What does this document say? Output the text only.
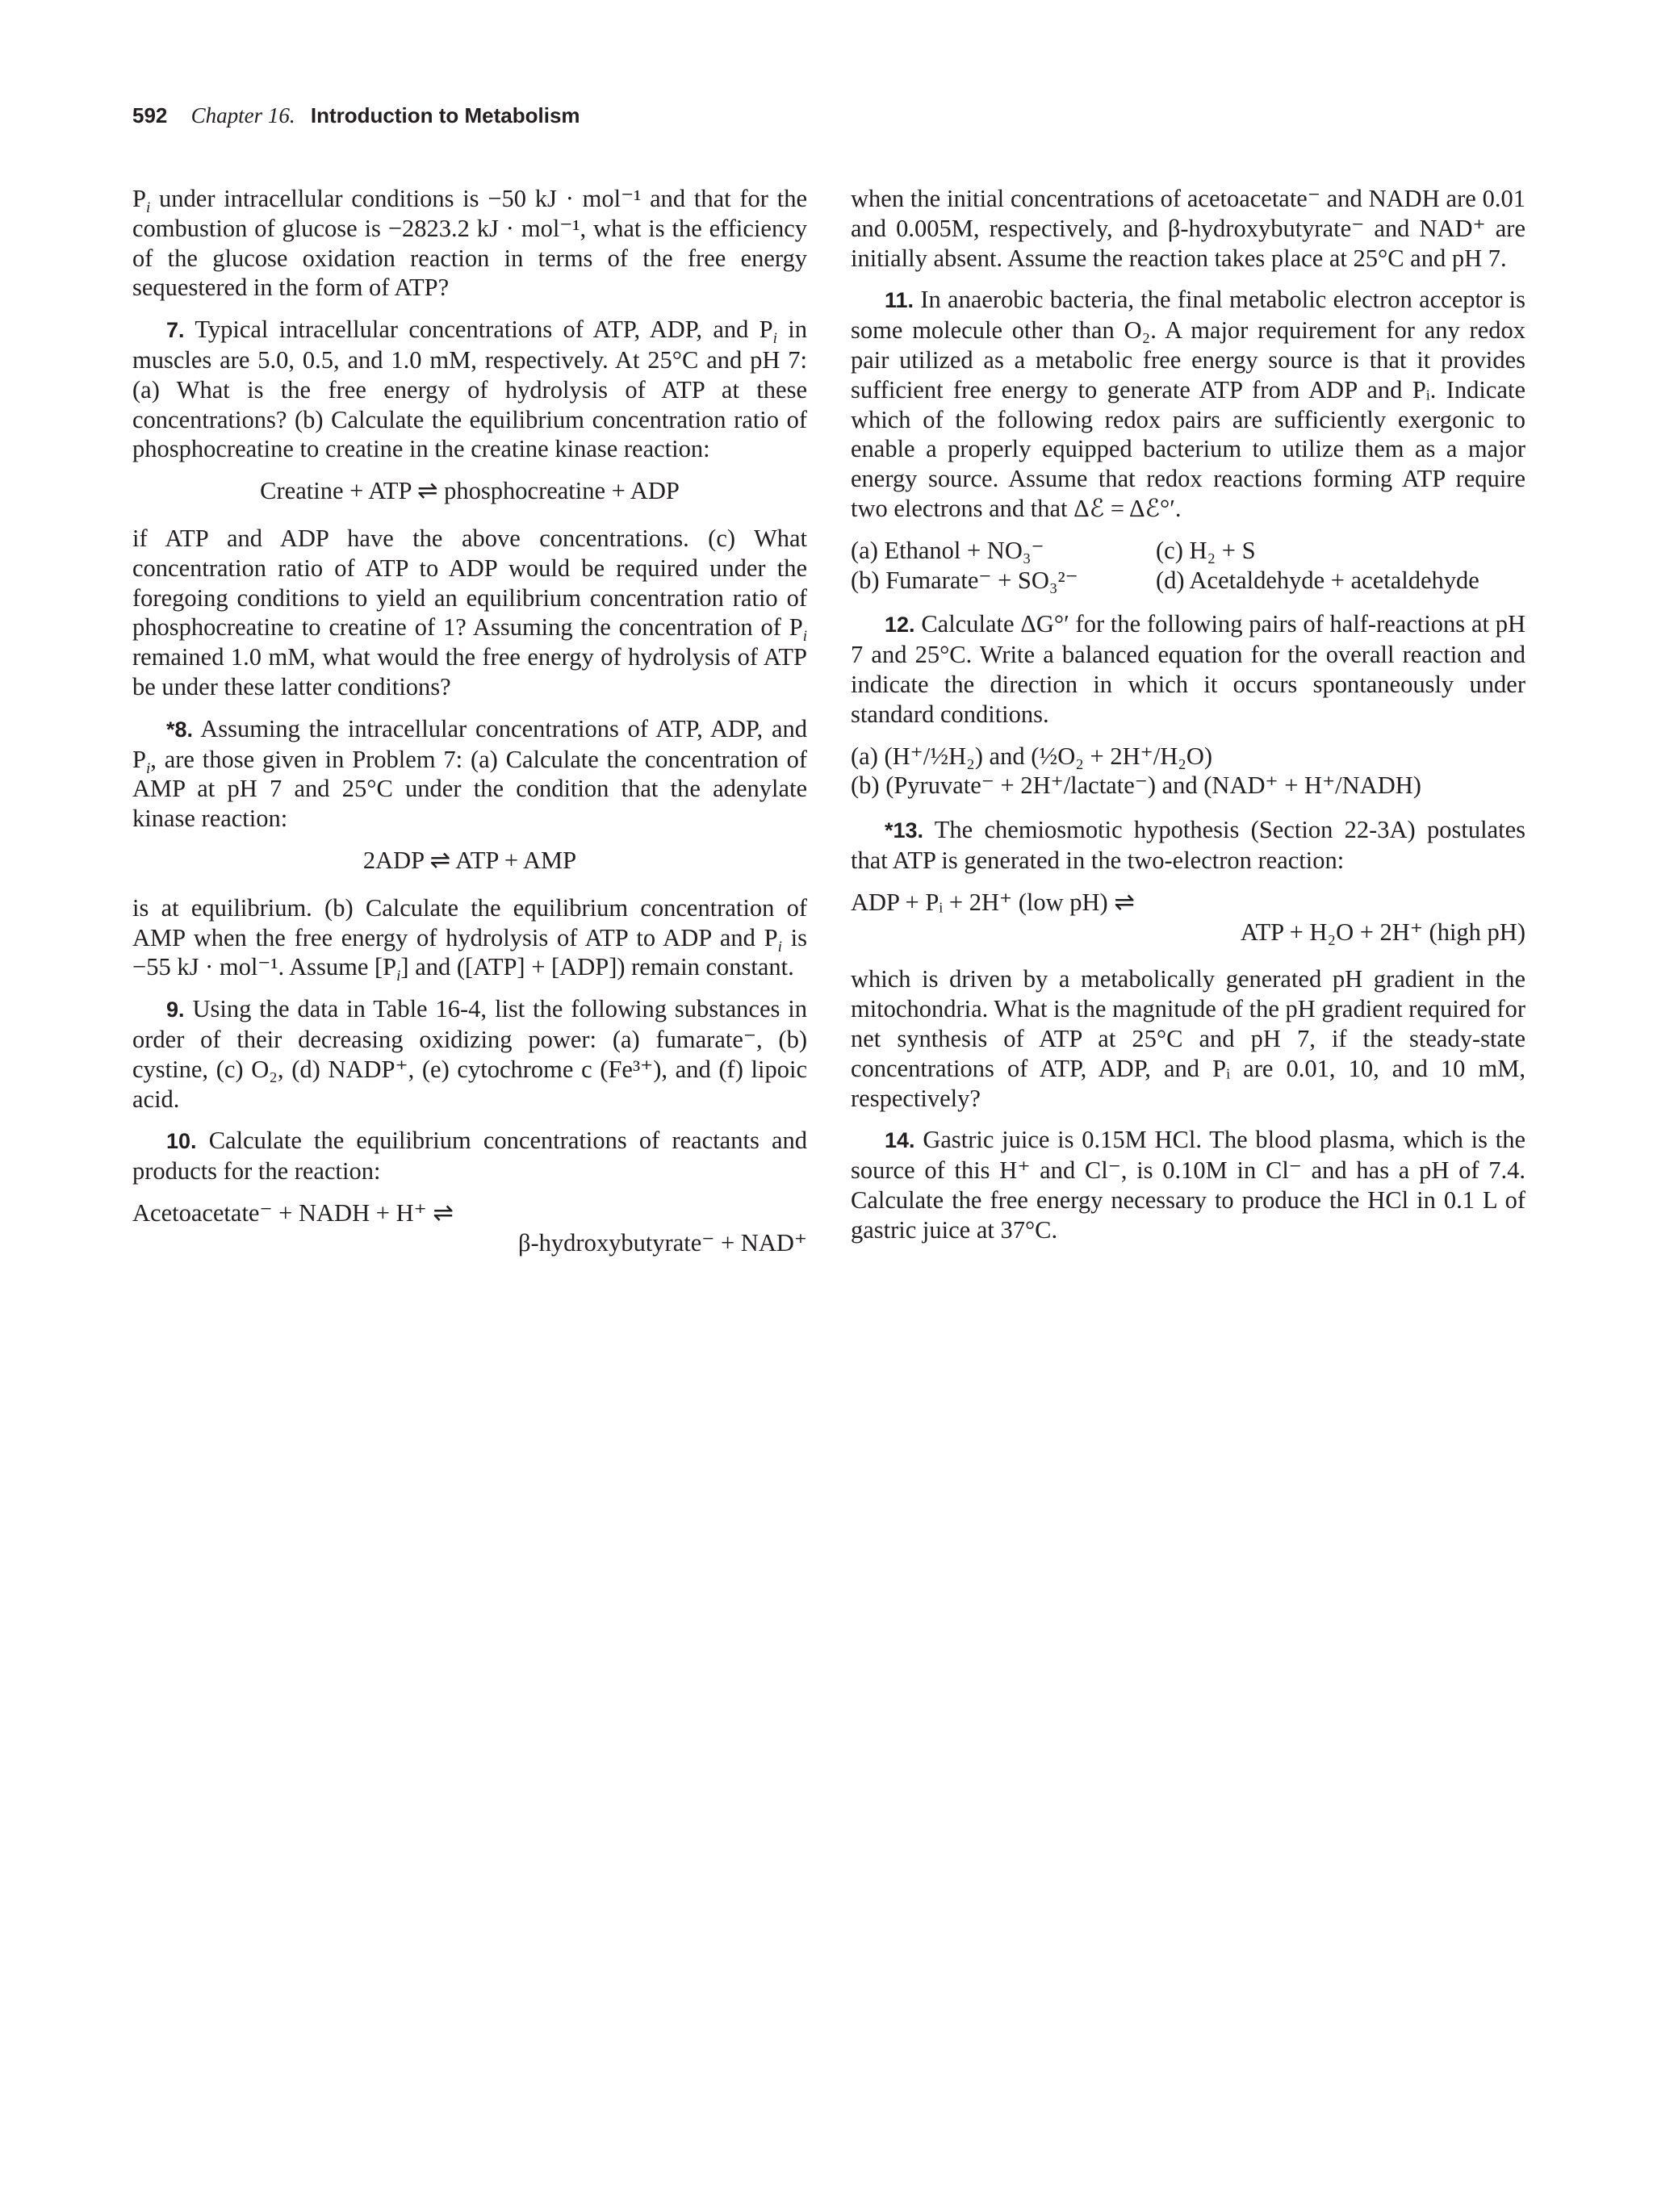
592 Chapter 16. Introduction to Metabolism

$P_i$ under intracellular conditions is −50 kJ · mol⁻¹ and that for the combustion of glucose is −2823.2 kJ · mol⁻¹, what is the efficiency of the glucose oxidation reaction in terms of the free energy sequestered in the form of ATP?

7. Typical intracellular concentrations of ATP, ADP, and $P_i$ in muscles are 5.0, 0.5, and 1.0 mM, respectively. At 25°C and pH 7: (a) What is the free energy of hydrolysis of ATP at these concentrations? (b) Calculate the equilibrium concentration ratio of phosphocreatine to creatine in the creatine kinase reaction:

Creatine + ATP ⇌ phosphocreatine + ADP

if ATP and ADP have the above concentrations. (c) What concentration ratio of ATP to ADP would be required under the foregoing conditions to yield an equilibrium concentration ratio of phosphocreatine to creatine of 1? Assuming the concentration of $P_i$ remained 1.0 mM, what would the free energy of hydrolysis of ATP be under these latter conditions?

*8. Assuming the intracellular concentrations of ATP, ADP, and $P_i$, are those given in Problem 7: (a) Calculate the concentration of AMP at pH 7 and 25°C under the condition that the adenylate kinase reaction:

2ADP ⇌ ATP + AMP

is at equilibrium. (b) Calculate the equilibrium concentration of AMP when the free energy of hydrolysis of ATP to ADP and $P_i$ is −55 kJ · mol⁻¹. Assume $[P_i]$ and ([ATP] + [ADP]) remain constant.

9. Using the data in Table 16-4, list the following substances in order of their decreasing oxidizing power: (a) fumarate⁻, (b) cystine, (c) O₂, (d) NADP⁺, (e) cytochrome c (Fe³⁺), and (f) lipoic acid.

10. Calculate the equilibrium concentrations of reactants and products for the reaction:

Acetoacetate⁻ + NADH + H⁺ ⇌
β-hydroxybutyrate⁻ + NAD⁺

when the initial concentrations of acetoacetate⁻ and NADH are 0.01 and 0.005M, respectively, and β-hydroxybutyrate⁻ and NAD⁺ are initially absent. Assume the reaction takes place at 25°C and pH 7.

11. In anaerobic bacteria, the final metabolic electron acceptor is some molecule other than O₂. A major requirement for any redox pair utilized as a metabolic free energy source is that it provides sufficient free energy to generate ATP from ADP and Pᵢ. Indicate which of the following redox pairs are sufficiently exergonic to enable a properly equipped bacterium to utilize them as a major energy source. Assume that redox reactions forming ATP require two electrons and that Δℰ = Δℰ°′.

(a) Ethanol + NO₃⁻	(c) H₂ + S
(b) Fumarate⁻ + SO₃²⁻	(d) Acetaldehyde + acetaldehyde

12. Calculate ΔG°′ for the following pairs of half-reactions at pH 7 and 25°C. Write a balanced equation for the overall reaction and indicate the direction in which it occurs spontaneously under standard conditions.

(a) (H⁺/½H₂) and (½O₂ + 2H⁺/H₂O)
(b) (Pyruvate⁻ + 2H⁺/lactate⁻) and (NAD⁺ + H⁺/NADH)

*13. The chemiosmotic hypothesis (Section 22-3A) postulates that ATP is generated in the two-electron reaction:

ADP + Pᵢ + 2H⁺ (low pH) ⇌
ATP + H₂O + 2H⁺ (high pH)

which is driven by a metabolically generated pH gradient in the mitochondria. What is the magnitude of the pH gradient required for net synthesis of ATP at 25°C and pH 7, if the steady-state concentrations of ATP, ADP, and Pᵢ are 0.01, 10, and 10 mM, respectively?

14. Gastric juice is 0.15M HCl. The blood plasma, which is the source of this H⁺ and Cl⁻, is 0.10M in Cl⁻ and has a pH of 7.4. Calculate the free energy necessary to produce the HCl in 0.1 L of gastric juice at 37°C.
